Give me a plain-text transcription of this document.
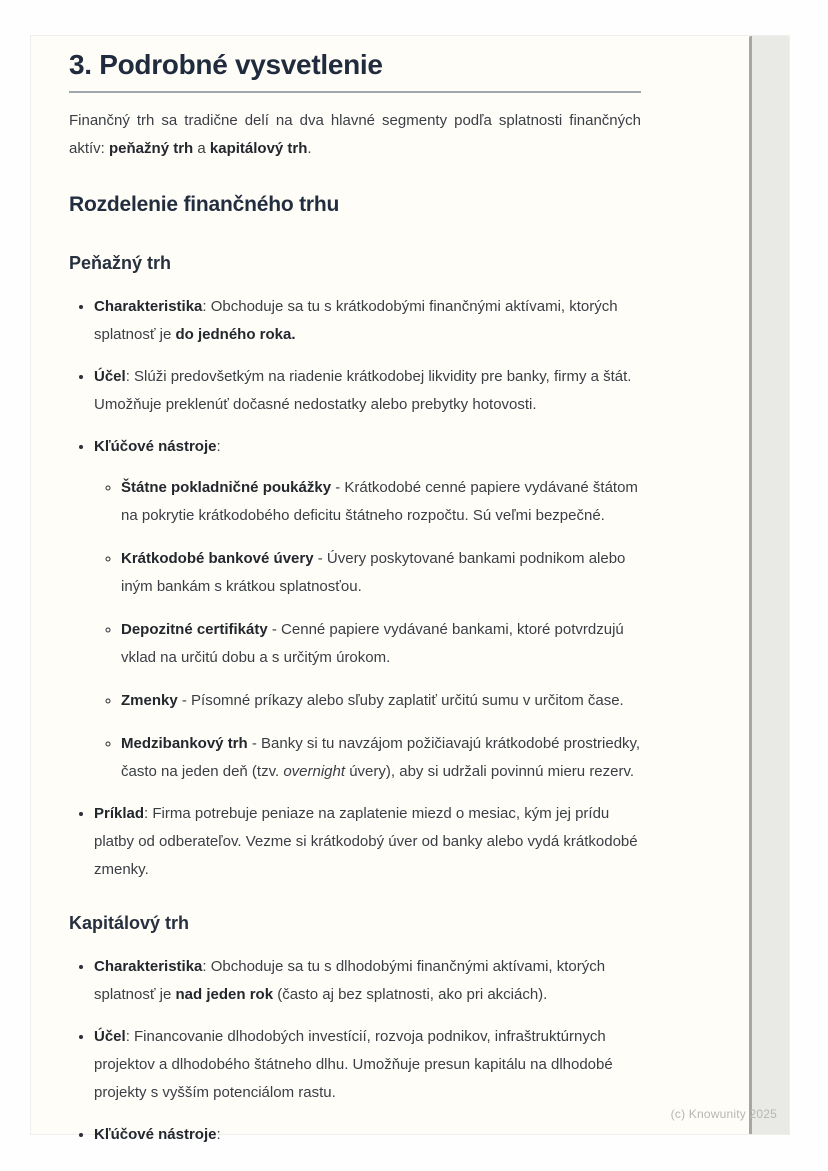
3. Podrobné vysvetlenie

Finančný trh sa tradične delí na dva hlavné segmenty podľa splatnosti finančných aktív: peňažný trh a kapitálový trh.

Rozdelenie finančného trhu
Peňažný trh
• Charakteristika: Obchoduje sa tu s krátkodobými finančnými aktívami, ktorých splatnosť je do jedného roka.
• Účel: Slúži predovšetkým na riadenie krátkodobej likvidity pre banky, firmy a štát. Umožňuje preklenúť dočasné nedostatky alebo prebytky hotovosti.
• Kľúčové nástroje:
◦ Štátne pokladničné poukážky - Krátkodobé cenné papiere vydávané štátom na pokrytie krátkodobého deficitu štátneho rozpočtu. Sú veľmi bezpečné.
◦ Krátkodobé bankové úvery - Úvery poskytované bankami podnikom alebo iným bankám s krátkou splatnosťou.
◦ Depozitné certifikáty - Cenné papiere vydávané bankami, ktoré potvrdzujú vklad na určitú dobu a s určitým úrokom.
◦ Zmenky - Písomné príkazy alebo sľuby zaplatiť určitú sumu v určitom čase.
◦ Medzibankový trh - Banky si tu navzájom požičiavajú krátkodobé prostriedky, často na jeden deň (tzv. overnight úvery), aby si udržali povinnú mieru rezerv.
• Príklad: Firma potrebuje peniaze na zaplatenie miezd o mesiac, kým jej prídu platby od odberateľov. Vezme si krátkodobý úver od banky alebo vydá krátkodobé zmenky.
Kapitálový trh
• Charakteristika: Obchoduje sa tu s dlhodobými finančnými aktívami, ktorých splatnosť je nad jeden rok (často aj bez splatnosti, ako pri akciách).
• Účel: Financovanie dlhodobých investícií, rozvoja podnikov, infraštruktúrnych projektov a dlhodobého štátneho dlhu. Umožňuje presun kapitálu na dlhodobé projekty s vyšším potenciálom rastu.
• Kľúčové nástroje:
(c) Knowunity 2025
